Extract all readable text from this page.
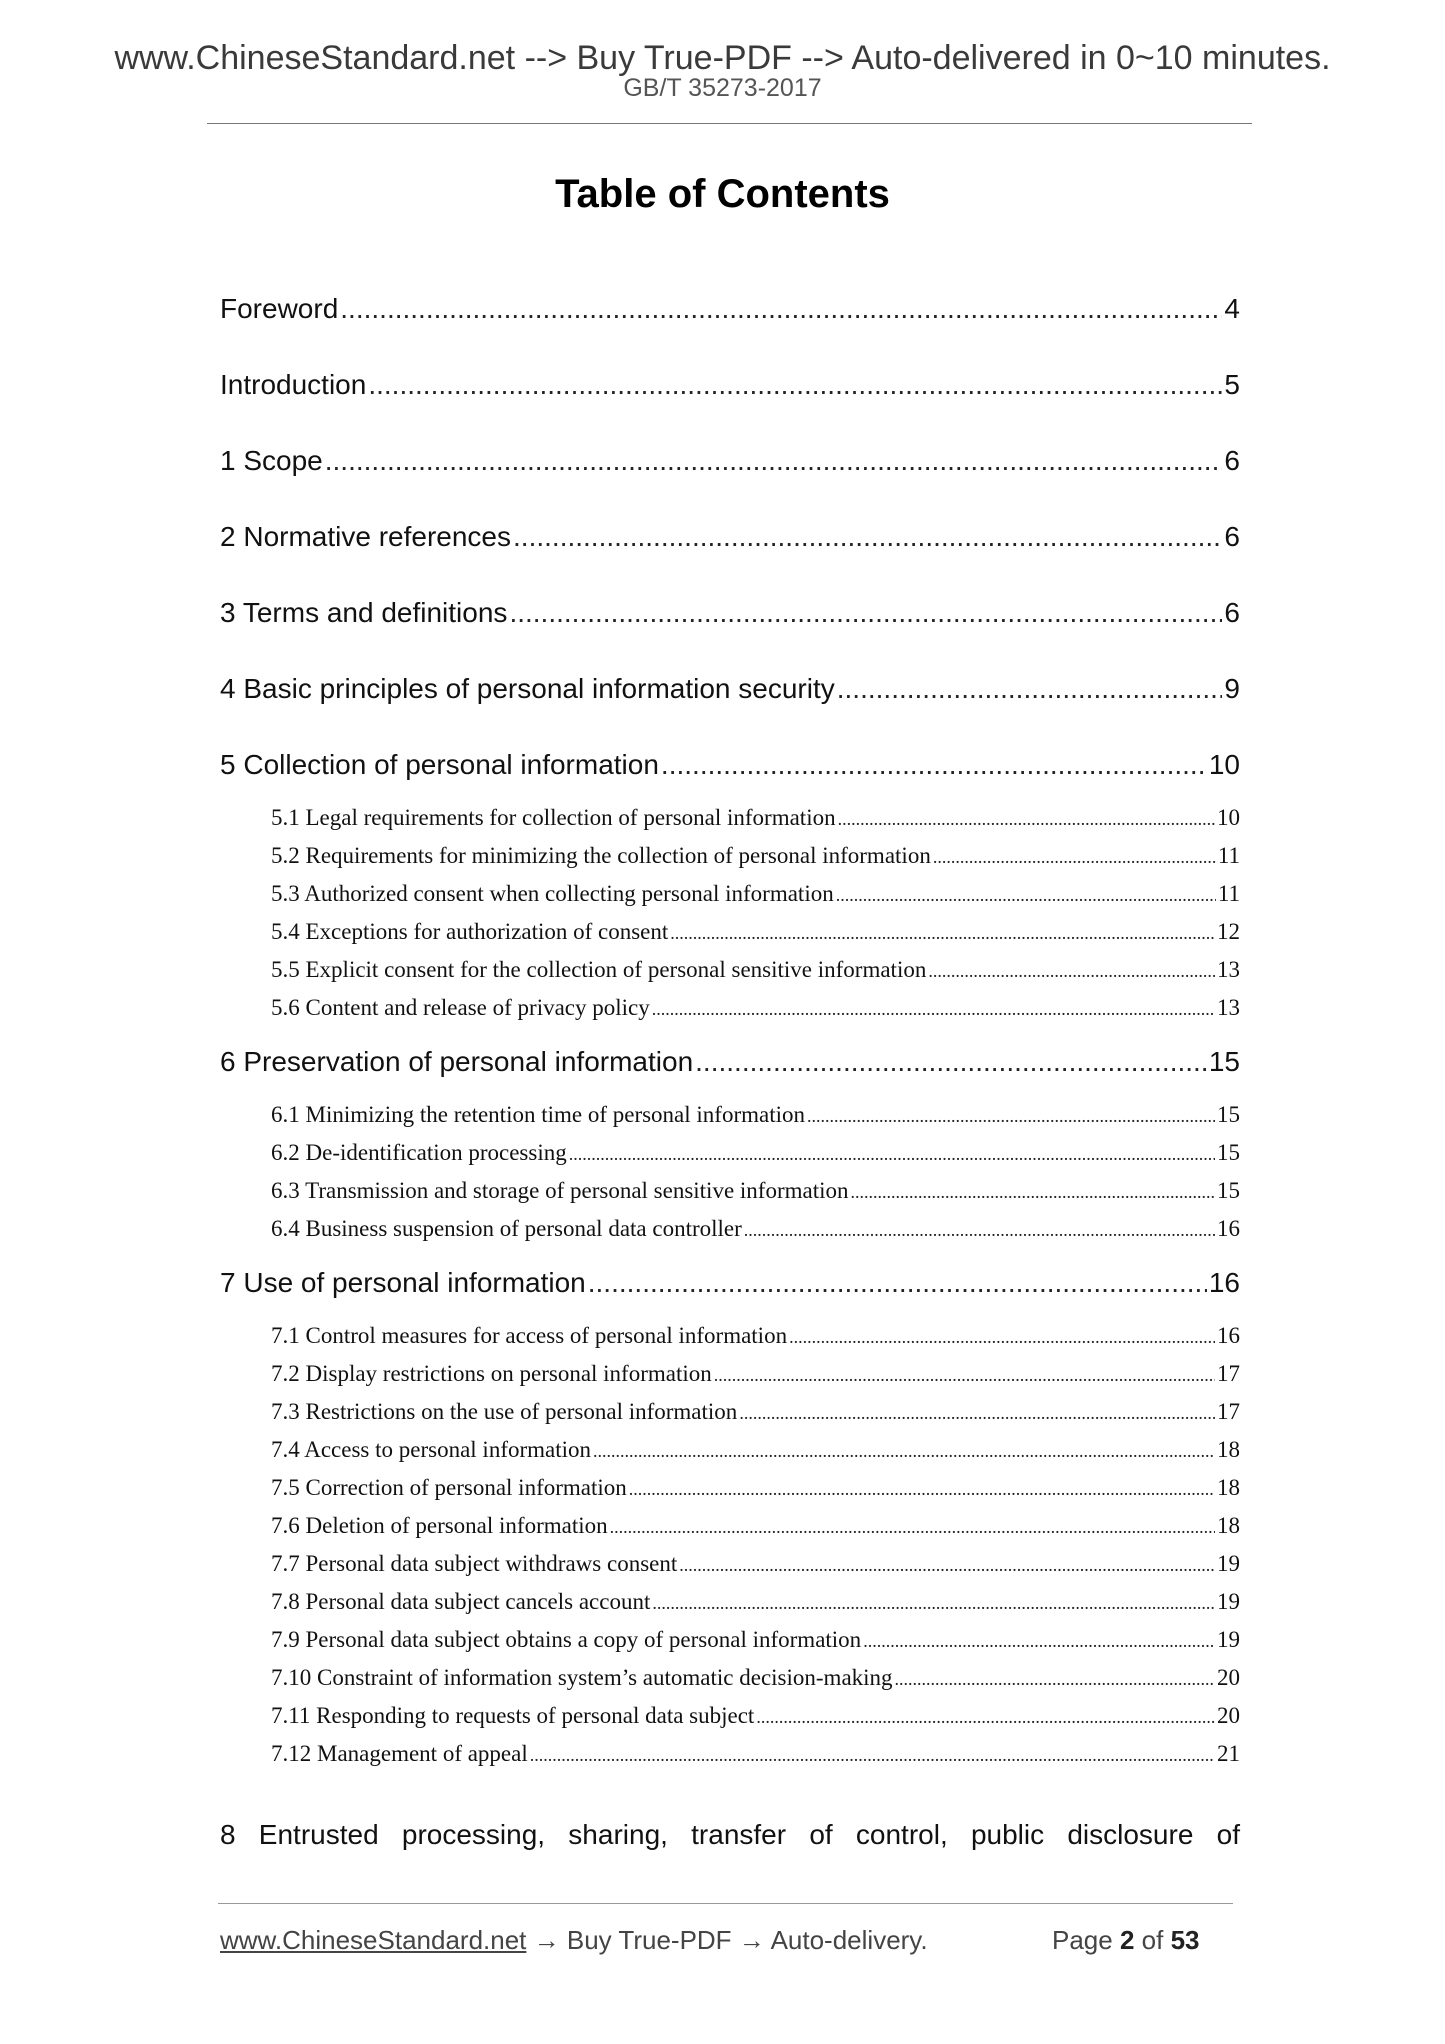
www.ChineseStandard.net --> Buy True-PDF --> Auto-delivered in 0~10 minutes.
GB/T 35273-2017
Table of Contents
Foreword .....	4
Introduction .....	5
1 Scope .....	6
2 Normative references .....	6
3 Terms and definitions .....	6
4 Basic principles of personal information security .....	9
5 Collection of personal information .....	10
5.1 Legal requirements for collection of personal information .....	10
5.2 Requirements for minimizing the collection of personal information .....	11
5.3 Authorized consent when collecting personal information .....	11
5.4 Exceptions for authorization of consent .....	12
5.5 Explicit consent for the collection of personal sensitive information .....	13
5.6 Content and release of privacy policy .....	13
6 Preservation of personal information .....	15
6.1 Minimizing the retention time of personal information .....	15
6.2 De-identification processing .....	15
6.3 Transmission and storage of personal sensitive information .....	15
6.4 Business suspension of personal data controller .....	16
7 Use of personal information .....	16
7.1 Control measures for access of personal information .....	16
7.2 Display restrictions on personal information .....	17
7.3 Restrictions on the use of personal information .....	17
7.4 Access to personal information .....	18
7.5 Correction of personal information .....	18
7.6 Deletion of personal information .....	18
7.7 Personal data subject withdraws consent .....	19
7.8 Personal data subject cancels account .....	19
7.9 Personal data subject obtains a copy of personal information .....	19
7.10 Constraint of information system’s automatic decision-making .....	20
7.11 Responding to requests of personal data subject .....	20
7.12 Management of appeal .....	21
8 Entrusted processing, sharing, transfer of control, public disclosure of
www.ChineseStandard.net → Buy True-PDF → Auto-delivery.	Page 2 of 53
